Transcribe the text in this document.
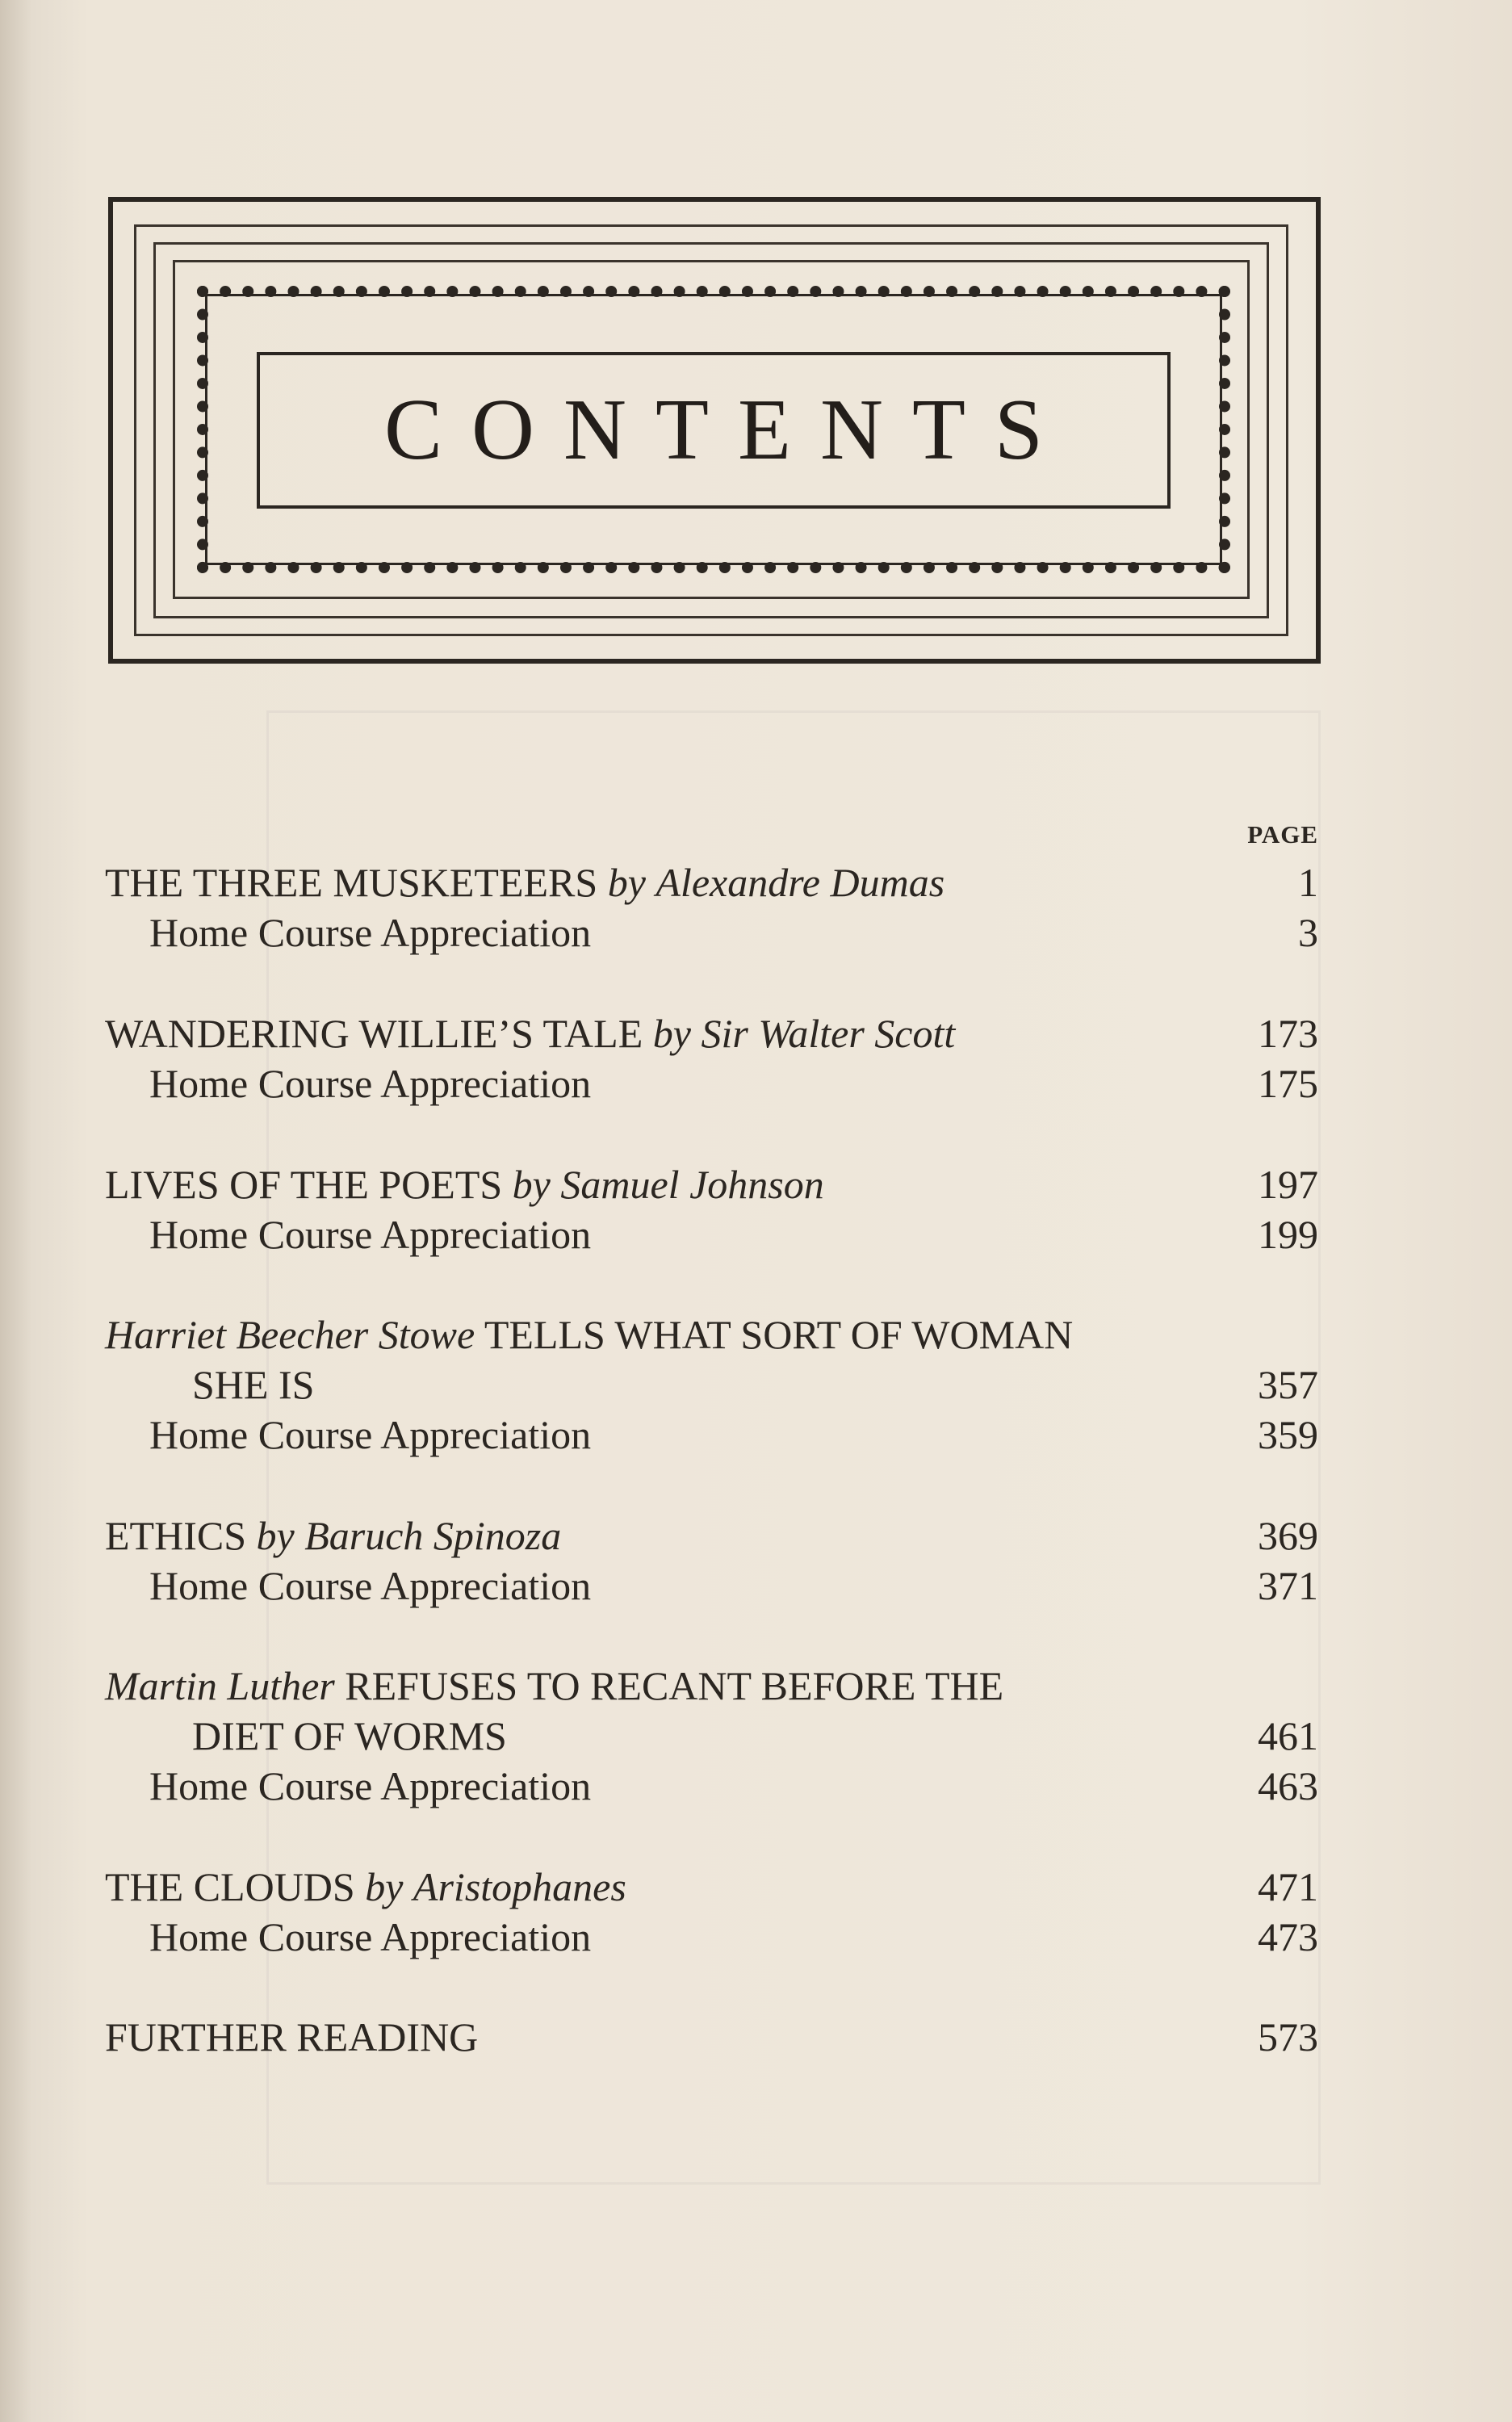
CONTENTS
PAGE
THE THREE MUSKETEERS by Alexandre Dumas	1
Home Course Appreciation	3
WANDERING WILLIE’S TALE by Sir Walter Scott	173
Home Course Appreciation	175
LIVES OF THE POETS by Samuel Johnson	197
Home Course Appreciation	199
Harriet Beecher Stowe TELLS WHAT SORT OF WOMAN
SHE IS	357
Home Course Appreciation	359
ETHICS by Baruch Spinoza	369
Home Course Appreciation	371
Martin Luther REFUSES TO RECANT BEFORE THE
DIET OF WORMS	461
Home Course Appreciation	463
THE CLOUDS by Aristophanes	471
Home Course Appreciation	473
FURTHER READING	573
